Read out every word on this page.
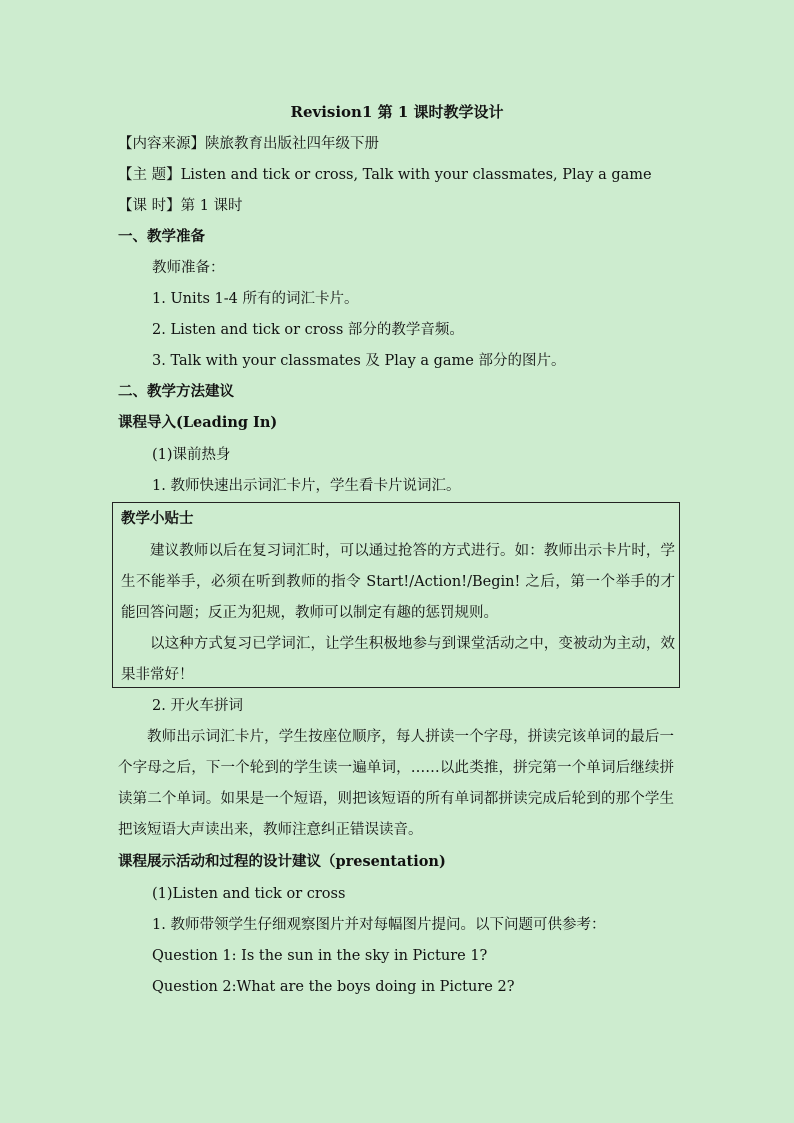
Revision1 第 1 课时教学设计
【内容来源】陕旅教育出版社四年级下册
【主 题】Listen and tick or cross, Talk with your classmates, Play a game
【课 时】第 1 课时
一、教学准备
教师准备：
1. Units 1-4 所有的词汇卡片。
2. Listen and tick or cross 部分的教学音频。
3. Talk with your classmates 及 Play a game 部分的图片。
二、教学方法建议
课程导入(Leading In)
(1)课前热身
1. 教师快速出示词汇卡片，学生看卡片说词汇。
教学小贴士
建议教师以后在复习词汇时，可以通过抢答的方式进行。如：教师出示卡片时，学生不能举手，必须在听到教师的指令 Start!/Action!/Begin! 之后，第一个举手的才能回答问题；反正为犯规，教师可以制定有趣的惩罚规则。
以这种方式复习已学词汇，让学生积极地参与到课堂活动之中，变被动为主动，效果非常好！
2. 开火车拼词
教师出示词汇卡片，学生按座位顺序，每人拼读一个字母，拼读完该单词的最后一个字母之后，下一个轮到的学生读一遍单词，……以此类推，拼完第一个单词后继续拼读第二个单词。如果是一个短语，则把该短语的所有单词都拼读完成后轮到的那个学生把该短语大声读出来，教师注意纠正错误读音。
课程展示活动和过程的设计建议（presentation)
(1)Listen and tick or cross
1. 教师带领学生仔细观察图片并对每幅图片提问。以下问题可供参考：
Question 1: Is the sun in the sky in Picture 1?
Question 2:What are the boys doing in Picture 2?
